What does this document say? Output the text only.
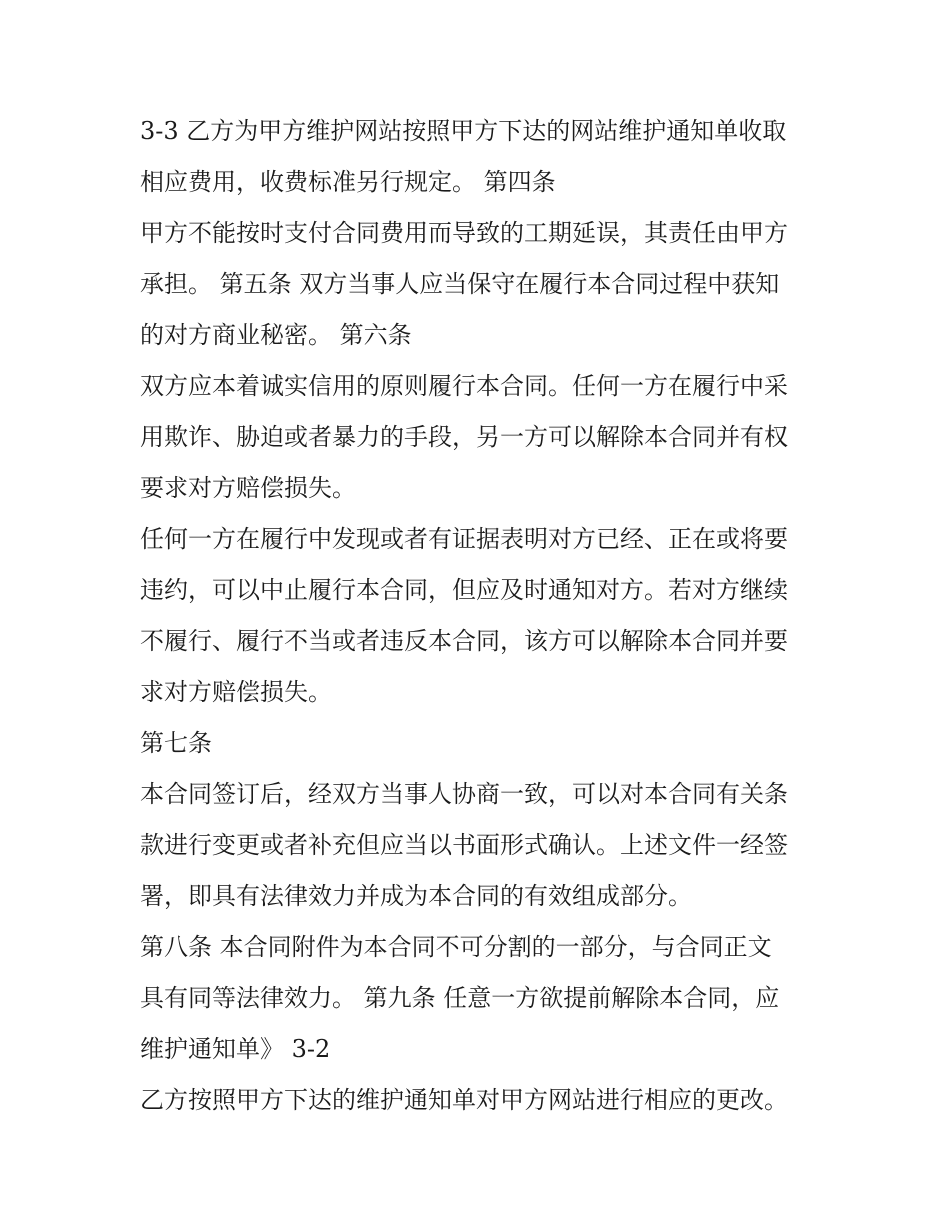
3-3 乙方为甲方维护网站按照甲方下达的网站维护通知单收取
相应费用，收费标准另行规定。 第四条
甲方不能按时支付合同费用而导致的工期延误，其责任由甲方
承担。 第五条 双方当事人应当保守在履行本合同过程中获知
的对方商业秘密。 第六条
双方应本着诚实信用的原则履行本合同。任何一方在履行中采
用欺诈、胁迫或者暴力的手段，另一方可以解除本合同并有权
要求对方赔偿损失。
任何一方在履行中发现或者有证据表明对方已经、正在或将要
违约，可以中止履行本合同，但应及时通知对方。若对方继续
不履行、履行不当或者违反本合同，该方可以解除本合同并要
求对方赔偿损失。
第七条
本合同签订后，经双方当事人协商一致，可以对本合同有关条
款进行变更或者补充但应当以书面形式确认。上述文件一经签
署，即具有法律效力并成为本合同的有效组成部分。
第八条 本合同附件为本合同不可分割的一部分，与合同正文
具有同等法律效力。 第九条 任意一方欲提前解除本合同，应
维护通知单》 3-2
乙方按照甲方下达的维护通知单对甲方网站进行相应的更改。
